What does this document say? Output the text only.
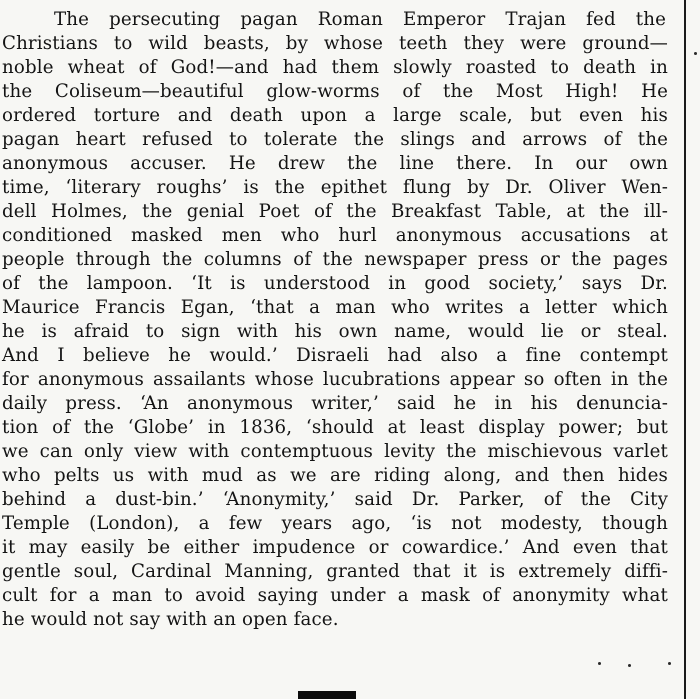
The persecuting pagan Roman Emperor Trajan fed the
Christians to wild beasts, by whose teeth they were ground—
noble wheat of God!—and had them slowly roasted to death in
the Coliseum—beautiful glow-worms of the Most High! He
ordered torture and death upon a large scale, but even his
pagan heart refused to tolerate the slings and arrows of the
anonymous accuser. He drew the line there. In our own
time, ‘literary roughs’ is the epithet flung by Dr. Oliver Wen-
dell Holmes, the genial Poet of the Breakfast Table, at the ill-
conditioned masked men who hurl anonymous accusations at
people through the columns of the newspaper press or the pages
of the lampoon. ‘It is understood in good society,’ says Dr.
Maurice Francis Egan, ‘that a man who writes a letter which
he is afraid to sign with his own name, would lie or steal.
And I believe he would.’ Disraeli had also a fine contempt
for anonymous assailants whose lucubrations appear so often in the
daily press. ‘An anonymous writer,’ said he in his denuncia-
tion of the ‘Globe’ in 1836, ‘should at least display power; but
we can only view with contemptuous levity the mischievous varlet
who pelts us with mud as we are riding along, and then hides
behind a dust-bin.’ ‘Anonymity,’ said Dr. Parker, of the City
Temple (London), a few years ago, ‘is not modesty, though
it may easily be either impudence or cowardice.’ And even that
gentle soul, Cardinal Manning, granted that it is extremely diffi-
cult for a man to avoid saying under a mask of anonymity what
he would not say with an open face.
